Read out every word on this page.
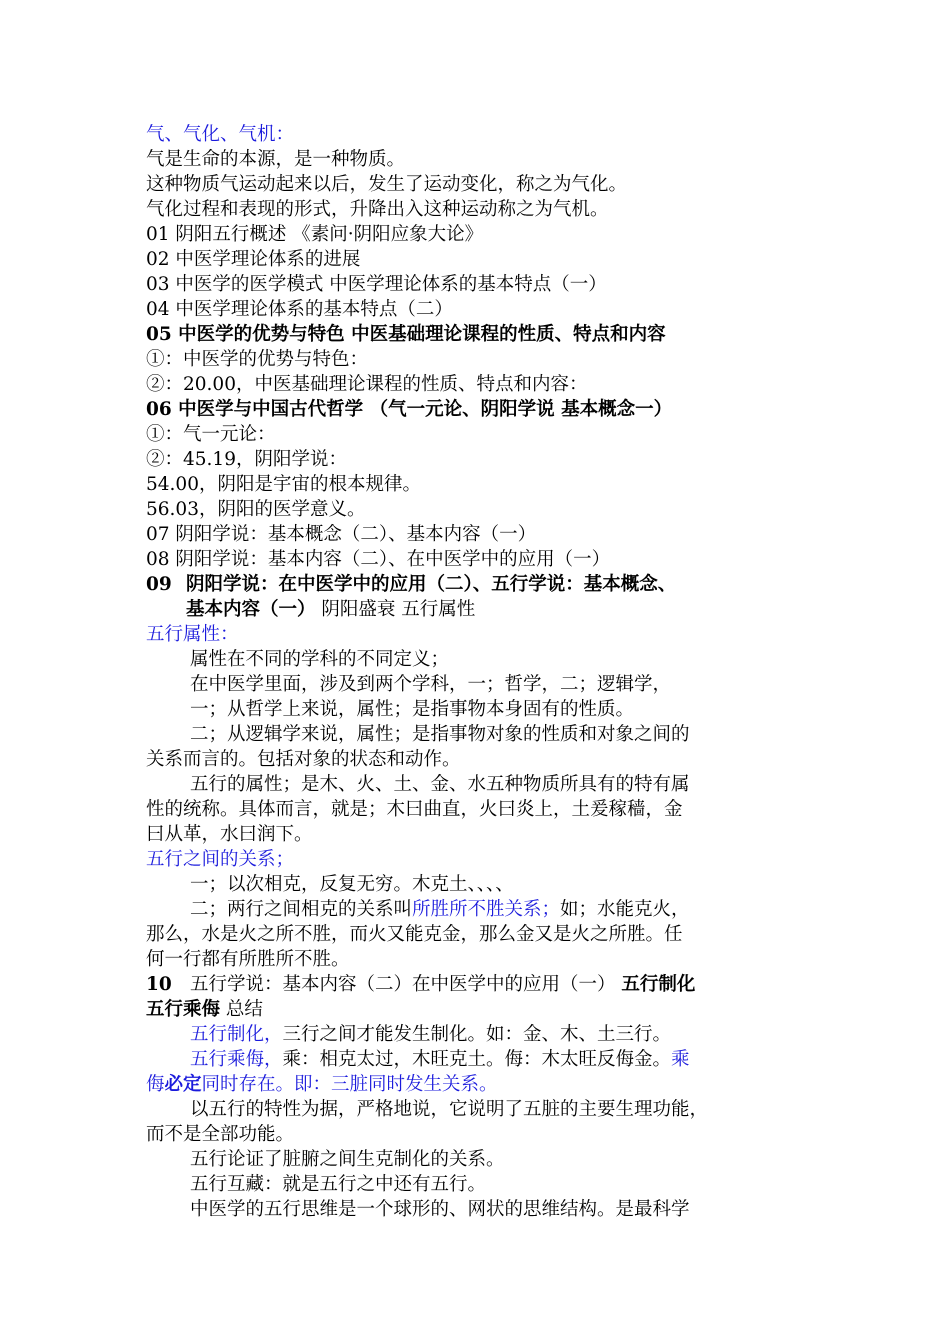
气、气化、气机：
气是生命的本源，是一种物质。
这种物质气运动起来以后，发生了运动变化，称之为气化。
气化过程和表现的形式，升降出入这种运动称之为气机。
01 阴阳五行概述 《素问·阴阳应象大论》
02 中医学理论体系的进展
03 中医学的医学模式 中医学理论体系的基本特点（一）
04 中医学理论体系的基本特点（二）
05 中医学的优势与特色 中医基础理论课程的性质、特点和内容
①：中医学的优势与特色：
②：20.00，中医基础理论课程的性质、特点和内容：
06 中医学与中国古代哲学 （气一元论、阴阳学说 基本概念一）
①：气一元论：
②：45.19，阴阳学说：
54.00，阴阳是宇宙的根本规律。
56.03，阴阳的医学意义。
07 阴阳学说：基本概念（二）、基本内容（一）
08 阴阳学说：基本内容（二）、在中医学中的应用（一）
09 阴阳学说：在中医学中的应用（二）、五行学说：基本概念、
基本内容（一） 阴阳盛衰 五行属性
五行属性：
属性在不同的学科的不同定义；
在中医学里面，涉及到两个学科，一；哲学，二；逻辑学，
一；从哲学上来说，属性；是指事物本身固有的性质。
二；从逻辑学来说，属性；是指事物对象的性质和对象之间的
关系而言的。包括对象的状态和动作。
五行的属性；是木、火、土、金、水五种物质所具有的特有属
性的统称。具体而言，就是；木曰曲直，火曰炎上，土爰稼穑，金
曰从革，水曰润下。
五行之间的关系；
一；以次相克，反复无穷。木克土、、、、
二；两行之间相克的关系叫所胜所不胜关系；如；水能克火，
那么，水是火之所不胜，而火又能克金，那么金又是火之所胜。任
何一行都有所胜所不胜。
10 五行学说：基本内容（二）在中医学中的应用（一） 五行制化
五行乘侮 总结
五行制化，三行之间才能发生制化。如：金、木、土三行。
五行乘侮，乘：相克太过，木旺克土。侮：木太旺反侮金。乘
侮必定同时存在。即：三脏同时发生关系。
以五行的特性为据，严格地说，它说明了五脏的主要生理功能，
而不是全部功能。
五行论证了脏腑之间生克制化的关系。
五行互藏：就是五行之中还有五行。
中医学的五行思维是一个球形的、网状的思维结构。是最科学
